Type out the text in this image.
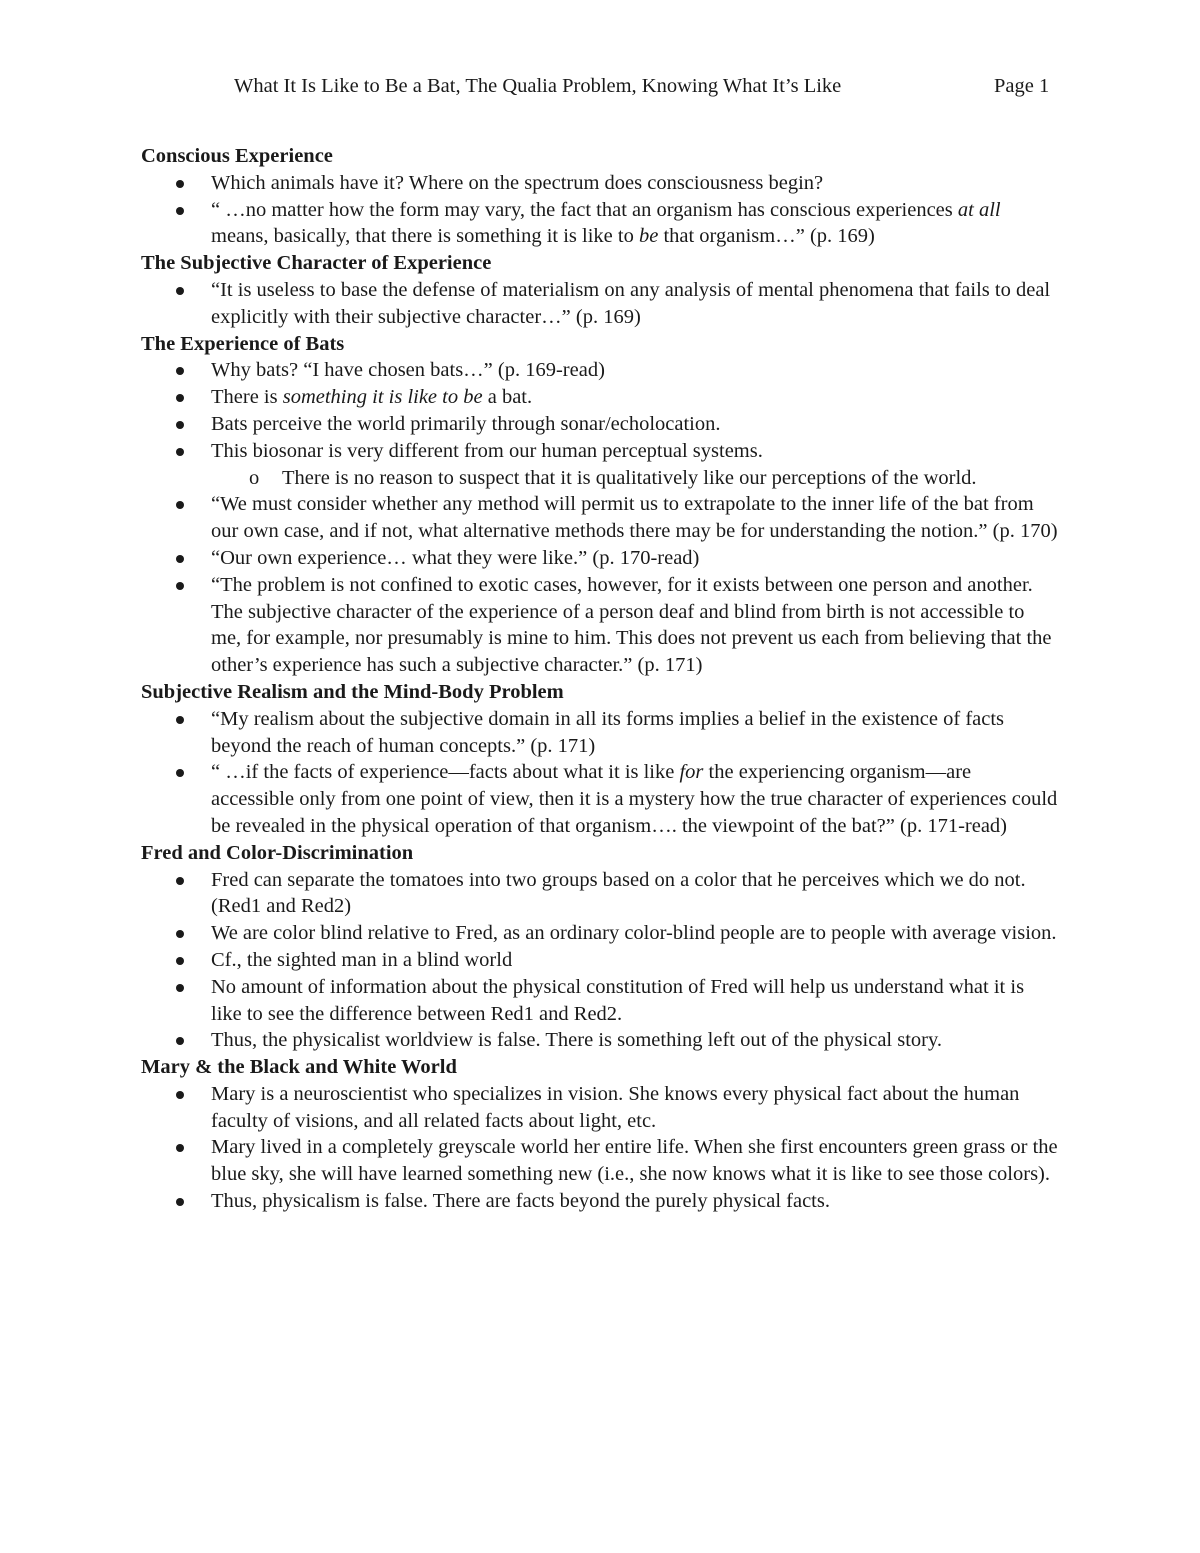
What It Is Like to Be a Bat, The Qualia Problem, Knowing What It’s Like	Page 1
Conscious Experience
Which animals have it? Where on the spectrum does consciousness begin?
“ …no matter how the form may vary, the fact that an organism has conscious experiences at all means, basically, that there is something it is like to be that organism…” (p. 169)
The Subjective Character of Experience
“It is useless to base the defense of materialism on any analysis of mental phenomena that fails to deal explicitly with their subjective character…” (p. 169)
The Experience of Bats
Why bats? “I have chosen bats…” (p. 169-read)
There is something it is like to be a bat.
Bats perceive the world primarily through sonar/echolocation.
This biosonar is very different from our human perceptual systems.
o There is no reason to suspect that it is qualitatively like our perceptions of the world.
“We must consider whether any method will permit us to extrapolate to the inner life of the bat from our own case, and if not, what alternative methods there may be for understanding the notion.” (p. 170)
“Our own experience… what they were like.” (p. 170-read)
“The problem is not confined to exotic cases, however, for it exists between one person and another. The subjective character of the experience of a person deaf and blind from birth is not accessible to me, for example, nor presumably is mine to him. This does not prevent us each from believing that the other’s experience has such a subjective character.” (p. 171)
Subjective Realism and the Mind-Body Problem
“My realism about the subjective domain in all its forms implies a belief in the existence of facts beyond the reach of human concepts.” (p. 171)
“ …if the facts of experience—facts about what it is like for the experiencing organism—are accessible only from one point of view, then it is a mystery how the true character of experiences could be revealed in the physical operation of that organism…. the viewpoint of the bat?” (p. 171-read)
Fred and Color-Discrimination
Fred can separate the tomatoes into two groups based on a color that he perceives which we do not. (Red1 and Red2)
We are color blind relative to Fred, as an ordinary color-blind people are to people with average vision.
Cf., the sighted man in a blind world
No amount of information about the physical constitution of Fred will help us understand what it is like to see the difference between Red1 and Red2.
Thus, the physicalist worldview is false. There is something left out of the physical story.
Mary & the Black and White World
Mary is a neuroscientist who specializes in vision. She knows every physical fact about the human faculty of visions, and all related facts about light, etc.
Mary lived in a completely greyscale world her entire life. When she first encounters green grass or the blue sky, she will have learned something new (i.e., she now knows what it is like to see those colors).
Thus, physicalism is false. There are facts beyond the purely physical facts.
